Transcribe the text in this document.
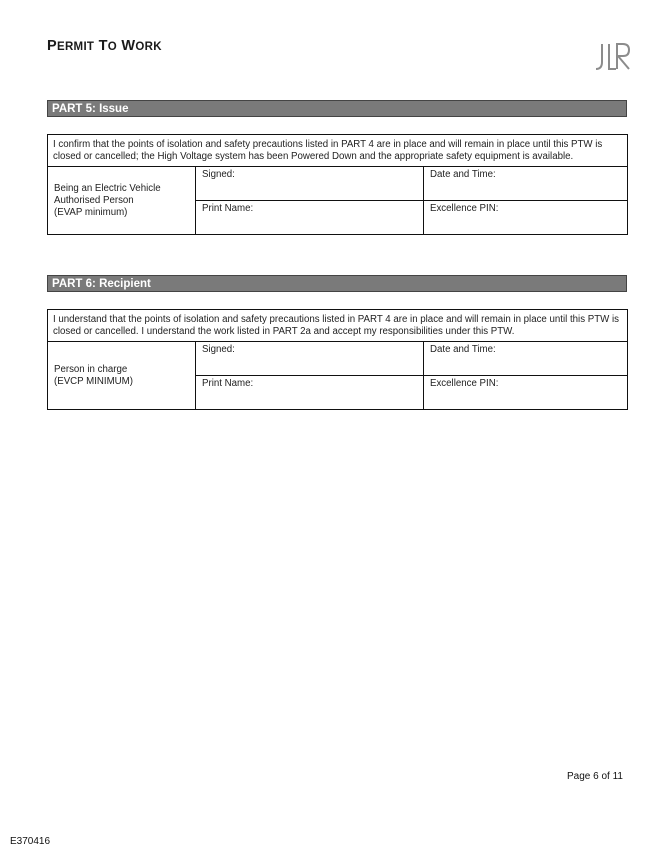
PERMIT TO WORK
PART 5: Issue
I confirm that the points of isolation and safety precautions listed in PART 4 are in place and will remain in place until this PTW is closed or cancelled; the High Voltage system has been Powered Down and the appropriate safety equipment is available.		

Being an Electric Vehicle
Authorised Person
(EVAP minimum)	Signed:	Date and Time:
	Print Name:	Excellence PIN:
PART 6: Recipient
I understand that the points of isolation and safety precautions listed in PART 4 are in place and will remain in place until this PTW is closed or cancelled. I understand the work listed in PART 2a and accept my responsibilities under this PTW.		

Person in charge
(EVCP MINIMUM)	Signed:	Date and Time:
	Print Name:	Excellence PIN:
Page 6 of 11
E370416
